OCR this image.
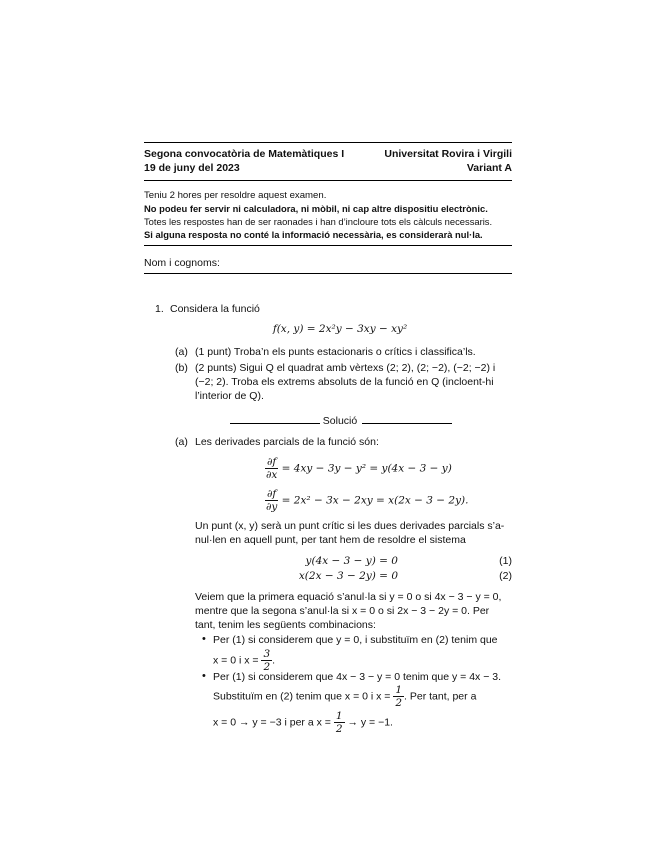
Segona convocatòria de Matemàtiques I
19 de juny del 2023
Universitat Rovira i Virgili
Variant A
Teniu 2 hores per resoldre aquest examen.
No podeu fer servir ni calculadora, ni mòbil, ni cap altre dispositiu electrònic.
Totes les respostes han de ser raonades i han d’incloure tots els càlculs necessaris.
Si alguna resposta no conté la informació necessària, es considerarà nul·la.
Nom i cognoms:
1. Considera la funció
f(x, y) = 2x²y − 3xy − xy²
(a) (1 punt) Troba’n els punts estacionaris o crítics i classifica’ls.
(b) (2 punts) Sigui Q el quadrat amb vèrtexs (2; 2), (2; −2), (−2; −2) i
(−2; 2). Troba els extrems absoluts de la funció en Q (incloent-hi
l’interior de Q).
Solució
(a) Les derivades parcials de la funció són:
$\frac{\partial f}{\partial x} = 4xy - 3y - y^2 = y(4x - 3 - y)$
$\frac{\partial f}{\partial y} = 2x^2 - 3x - 2xy = x(2x - 3 - 2y)$.
Un punt (x, y) serà un punt crític si les dues derivades parcials s’a-
nul·len en aquell punt, per tant hem de resoldre el sistema
y(4x − 3 − y) = 0	(1)
x(2x − 3 − 2y) = 0	(2)
Veiem que la primera equació s’anul·la si y = 0 o si 4x − 3 − y = 0,
mentre que la segona s’anul·la si x = 0 o si 2x − 3 − 2y = 0. Per
tant, tenim les següents combinacions:
• Per (1) si considerem que y = 0, i substituïm en (2) tenim que
x = 0 i $x = \frac{3}{2}$ .
• Per (1) si considerem que 4x − 3 − y = 0 tenim que y = 4x − 3.
Substituïm en (2) tenim que x = 0 i $x = \frac{1}{2}$ . Per tant, per a
x = 0 → y = −3 i per a $x = \frac{1}{2} \to y = -1$.
